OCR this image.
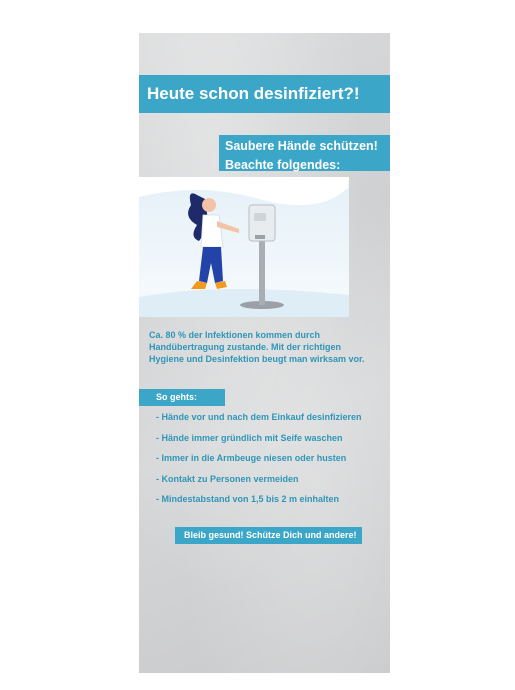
Heute schon desinfiziert?!
Saubere Hände schützen!
Beachte folgendes:
Ca. 80 % der Infektionen kommen durch
Handübertragung zustande. Mit der richtigen
Hygiene und Desinfektion beugt man wirksam vor.
So gehts:
- Hände vor und nach dem Einkauf desinfizieren
- Hände immer gründlich mit Seife waschen
- Immer in die Armbeuge niesen oder husten
- Kontakt zu Personen vermeiden
- Mindestabstand von 1,5 bis 2 m einhalten
Bleib gesund! Schütze Dich und andere!
